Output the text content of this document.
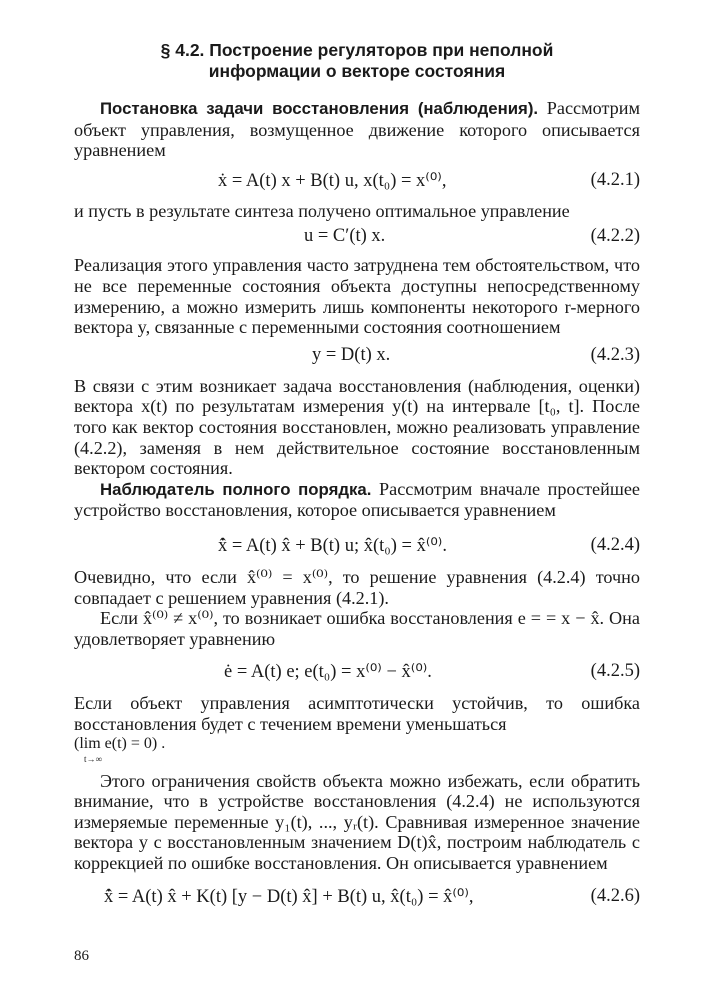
§ 4.2. Построение регуляторов при неполной
информации о векторе состояния

Постановка задачи восстановления (наблюдения). Рассмотрим объект управления, возмущенное движение которого описывается уравнением

ẋ = A(t) x + B(t) u, x(t₀) = x⁽⁰⁾,	(4.2.1)

и пусть в результате синтеза получено оптимальное управление

u = C′(t) x.	(4.2.2)

Реализация этого управления часто затруднена тем обстоятельством, что не все переменные состояния объекта доступны непосредственному измерению, а можно измерить лишь компоненты некоторого r-мерного вектора y, связанные с переменными состояния соотношением

y = D(t) x.	(4.2.3)

В связи с этим возникает задача восстановления (наблюдения, оценки) вектора x(t) по результатам измерения y(t) на интервале [t₀, t]. После того как вектор состояния восстановлен, можно реализовать управление (4.2.2), заменяя в нем действительное состояние восстановленным вектором состояния.

Наблюдатель полного порядка. Рассмотрим вначале простейшее устройство восстановления, которое описывается уравнением

x̂̇ = A(t) x̂ + B(t) u; x̂(t₀) = x̂⁽⁰⁾.	(4.2.4)

Очевидно, что если x̂⁽⁰⁾ = x⁽⁰⁾, то решение уравнения (4.2.4) точно совпадает с решением уравнения (4.2.1).

Если x̂⁽⁰⁾ ≠ x⁽⁰⁾, то возникает ошибка восстановления e = = x − x̂. Она удовлетворяет уравнению

ė = A(t) e; e(t₀) = x⁽⁰⁾ − x̂⁽⁰⁾.	(4.2.5)

Если объект управления асимптотически устойчив, то ошибка восстановления будет с течением времени уменьшаться
(lim e(t) = 0) .
t→∞

Этого ограничения свойств объекта можно избежать, если обратить внимание, что в устройстве восстановления (4.2.4) не используются измеряемые переменные y₁(t), ..., yᵣ(t). Сравнивая измеренное значение вектора y с восстановленным значением D(t)x̂, построим наблюдатель с коррекцией по ошибке восстановления. Он описывается уравнением

x̂̇ = A(t) x̂ + K(t) [y − D(t) x̂] + B(t) u, x̂(t₀) = x̂⁽⁰⁾,	(4.2.6)
86
